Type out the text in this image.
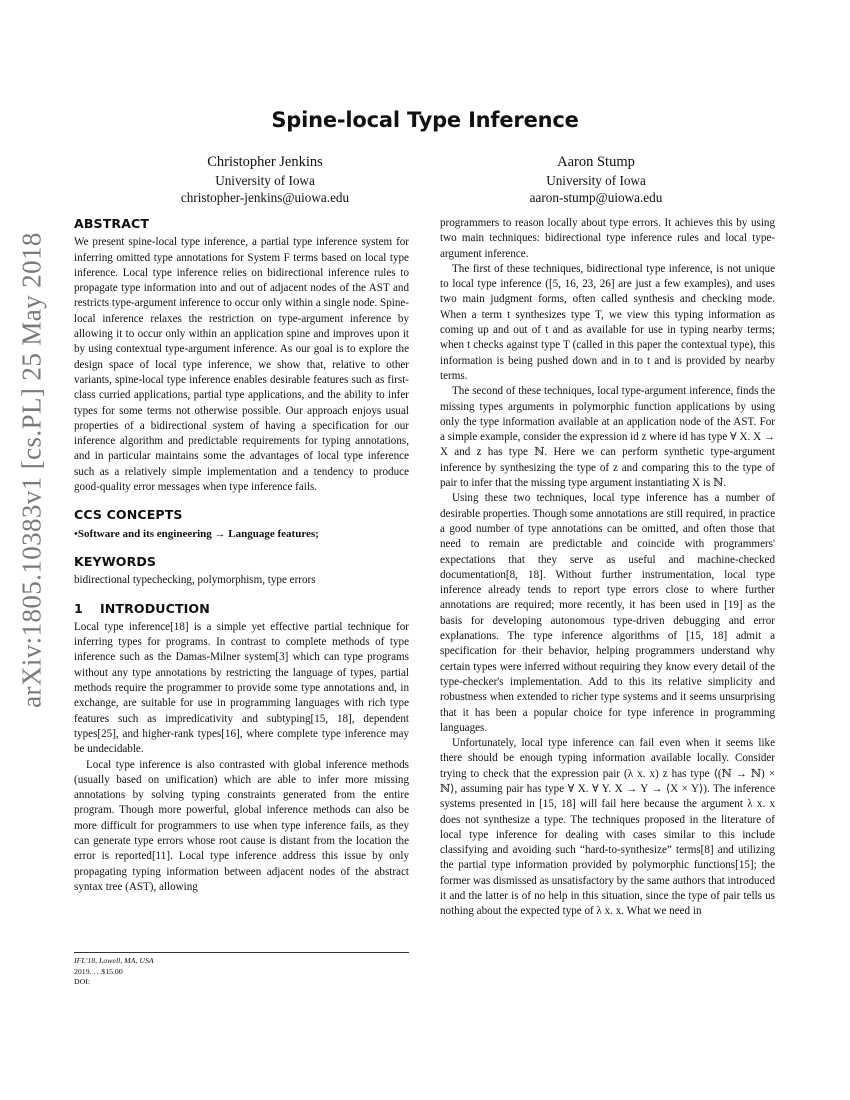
arXiv:1805.10383v1 [cs.PL] 25 May 2018
Spine-local Type Inference
Christopher Jenkins
University of Iowa
christopher-jenkins@uiowa.edu
Aaron Stump
University of Iowa
aaron-stump@uiowa.edu
ABSTRACT

We present spine-local type inference, a partial type inference system for inferring omitted type annotations for System F terms based on local type inference. Local type inference relies on bidirectional inference rules to propagate type information into and out of adjacent nodes of the AST and restricts type-argument inference to occur only within a single node. Spine-local inference relaxes the restriction on type-argument inference by allowing it to occur only within an application spine and improves upon it by using contextual type-argument inference. As our goal is to explore the design space of local type inference, we show that, relative to other variants, spine-local type inference enables desirable features such as first-class curried applications, partial type applications, and the ability to infer types for some terms not otherwise possible. Our approach enjoys usual properties of a bidirectional system of having a specification for our inference algorithm and predictable requirements for typing annotations, and in particular maintains some the advantages of local type inference such as a relatively simple implementation and a tendency to produce good-quality error messages when type inference fails.

CCS CONCEPTS

•Software and its engineering → Language features;

KEYWORDS

bidirectional typechecking, polymorphism, type errors

1 INTRODUCTION

Local type inference[18] is a simple yet effective partial technique for inferring types for programs. In contrast to complete methods of type inference such as the Damas-Milner system[3] which can type programs without any type annotations by restricting the language of types, partial methods require the programmer to provide some type annotations and, in exchange, are suitable for use in programming languages with rich type features such as impredicativity and subtyping[15, 18], dependent types[25], and higher-rank types[16], where complete type inference may be undecidable.

Local type inference is also contrasted with global inference methods (usually based on unification) which are able to infer more missing annotations by solving typing constraints generated from the entire program. Though more powerful, global inference methods can also be more difficult for programmers to use when type inference fails, as they can generate type errors whose root cause is distant from the location the error is reported[11]. Local type inference address this issue by only propagating typing information between adjacent nodes of the abstract syntax tree (AST), allowing

programmers to reason locally about type errors. It achieves this by using two main techniques: bidirectional type inference rules and local type-argument inference.

The first of these techniques, bidirectional type inference, is not unique to local type inference ([5, 16, 23, 26] are just a few examples), and uses two main judgment forms, often called synthesis and checking mode. When a term t synthesizes type T, we view this typing information as coming up and out of t and as available for use in typing nearby terms; when t checks against type T (called in this paper the contextual type), this information is being pushed down and in to t and is provided by nearby terms.

The second of these techniques, local type-argument inference, finds the missing types arguments in polymorphic function applications by using only the type information available at an application node of the AST. For a simple example, consider the expression id z where id has type ∀ X. X → X and z has type ℕ. Here we can perform synthetic type-argument inference by synthesizing the type of z and comparing this to the type of pair to infer that the missing type argument instantiating X is ℕ.

Using these two techniques, local type inference has a number of desirable properties. Though some annotations are still required, in practice a good number of type annotations can be omitted, and often those that need to remain are predictable and coincide with programmers' expectations that they serve as useful and machine-checked documentation[8, 18]. Without further instrumentation, local type inference already tends to report type errors close to where further annotations are required; more recently, it has been used in [19] as the basis for developing autonomous type-driven debugging and error explanations. The type inference algorithms of [15, 18] admit a specification for their behavior, helping programmers understand why certain types were inferred without requiring they know every detail of the type-checker's implementation. Add to this its relative simplicity and robustness when extended to richer type systems and it seems unsurprising that it has been a popular choice for type inference in programming languages.

Unfortunately, local type inference can fail even when it seems like there should be enough typing information available locally. Consider trying to check that the expression pair (λ x. x) z has type ⟨(ℕ → ℕ) × ℕ⟩, assuming pair has type ∀ X. ∀ Y. X → Y → ⟨X × Y⟩). The inference systems presented in [15, 18] will fail here because the argument λ x. x does not synthesize a type. The techniques proposed in the literature of local type inference for dealing with cases similar to this include classifying and avoiding such “hard-to-synthesize” terms[8] and utilizing the partial type information provided by polymorphic functions[15]; the former was dismissed as unsatisfactory by the same authors that introduced it and the latter is of no help in this situation, since the type of pair tells us nothing about the expected type of λ x. x. What we need in

IFL'18, Lowell, MA, USA
2019. …$15.00
DOI:
